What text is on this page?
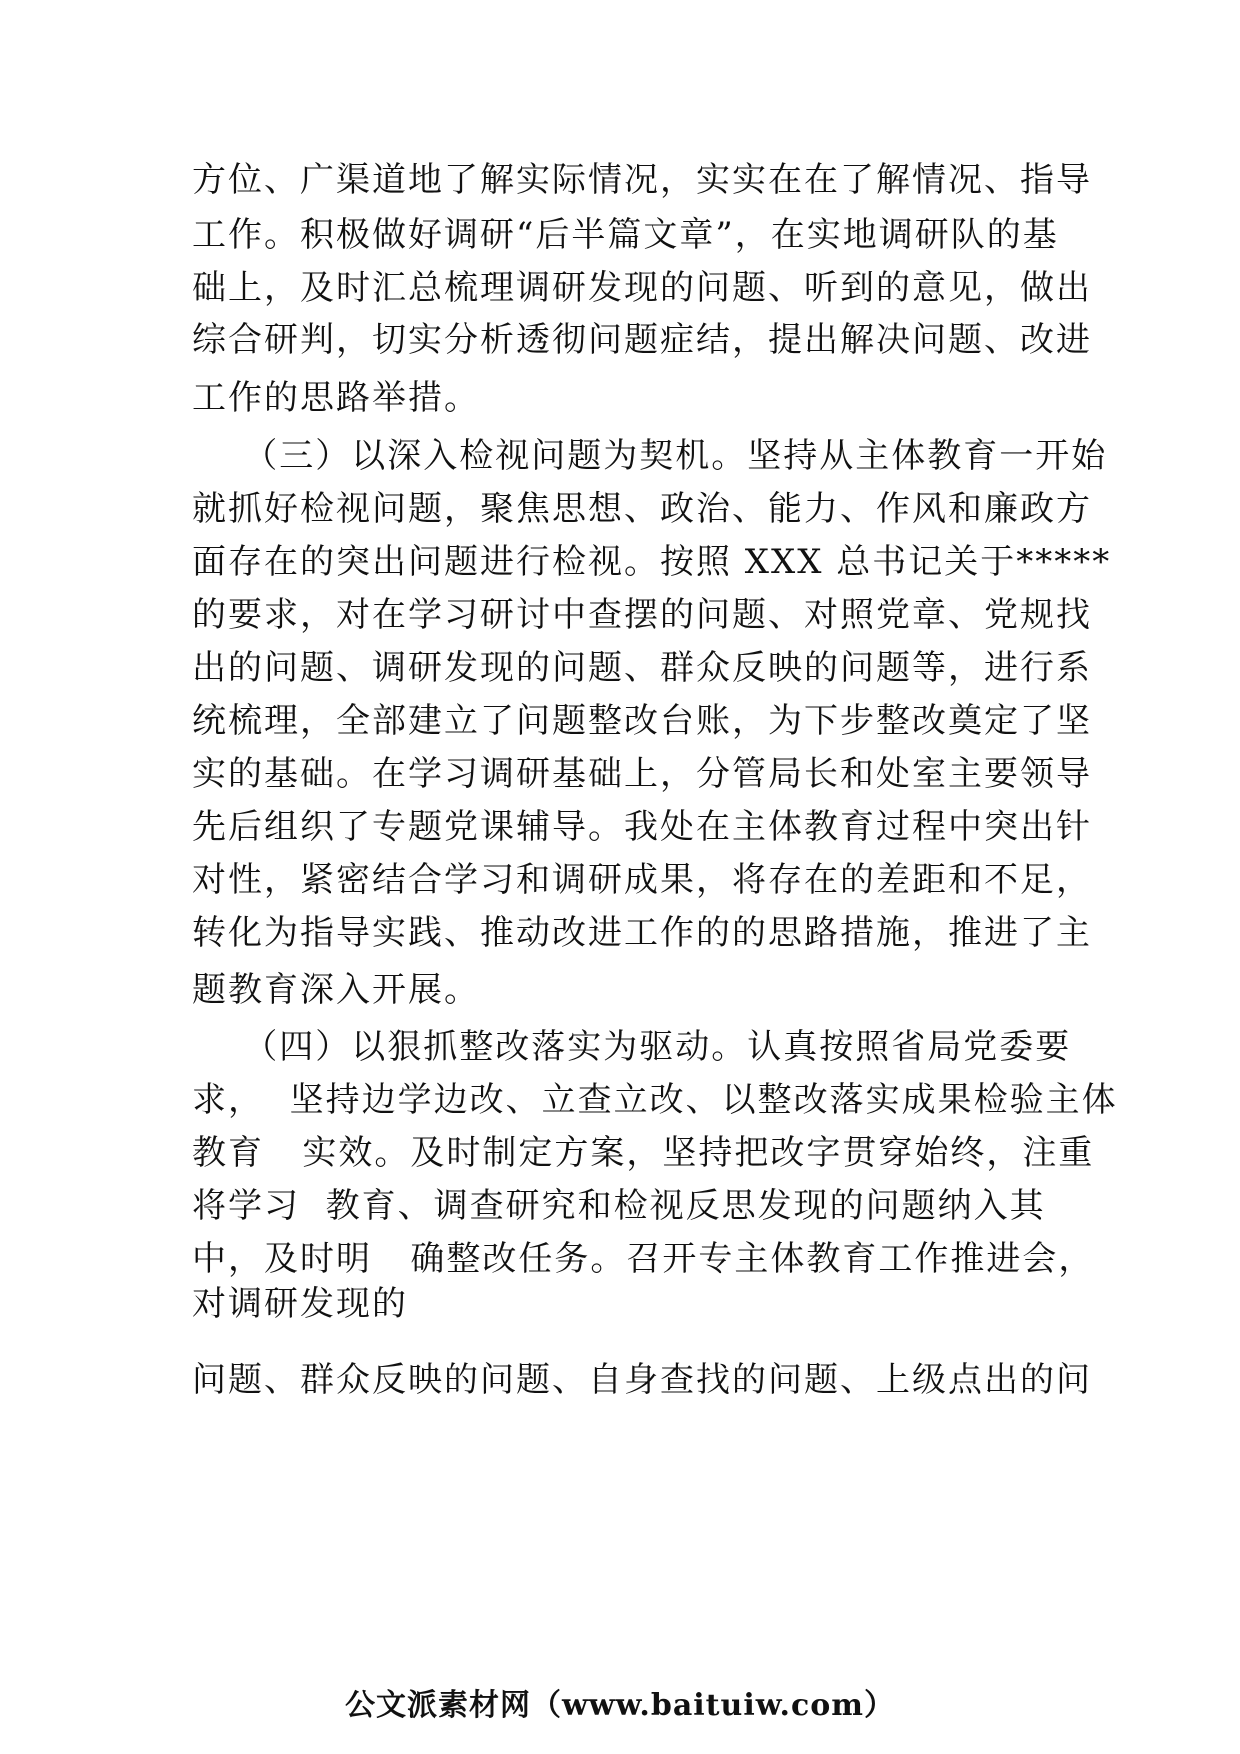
方位、广渠道地了解实际情况，实实在在了解情况、指导
工作。积极做好调研“后半篇文章”，在实地调研队的基
础上，及时汇总梳理调研发现的问题、听到的意见，做出
综合研判，切实分析透彻问题症结，提出解决问题、改进
工作的思路举措。
（三）以深入检视问题为契机。坚持从主体教育一开始
就抓好检视问题，聚焦思想、政治、能力、作风和廉政方
面存在的突出问题进行检视。按照 XXX 总书记关于*****
的要求，对在学习研讨中查摆的问题、对照党章、党规找
出的问题、调研发现的问题、群众反映的问题等，进行系
统梳理，全部建立了问题整改台账，为下步整改奠定了坚
实的基础。在学习调研基础上，分管局长和处室主要领导
先后组织了专题党课辅导。我处在主体教育过程中突出针
对性，紧密结合学习和调研成果，将存在的差距和不足，
转化为指导实践、推动改进工作的的思路措施，推进了主
题教育深入开展。
（四）以狠抓整改落实为驱动。认真按照省局党委要
求，  坚持边学边改、立查立改、以整改落实成果检验主体
教育   实效。及时制定方案，坚持把改字贯穿始终，注重
将学习  教育、调查研究和检视反思发现的问题纳入其
中，及时明   确整改任务。召开专主体教育工作推进会，
对调研发现的
问题、群众反映的问题、自身查找的问题、上级点出的问
公文派素材网（www.baituiw.com）
